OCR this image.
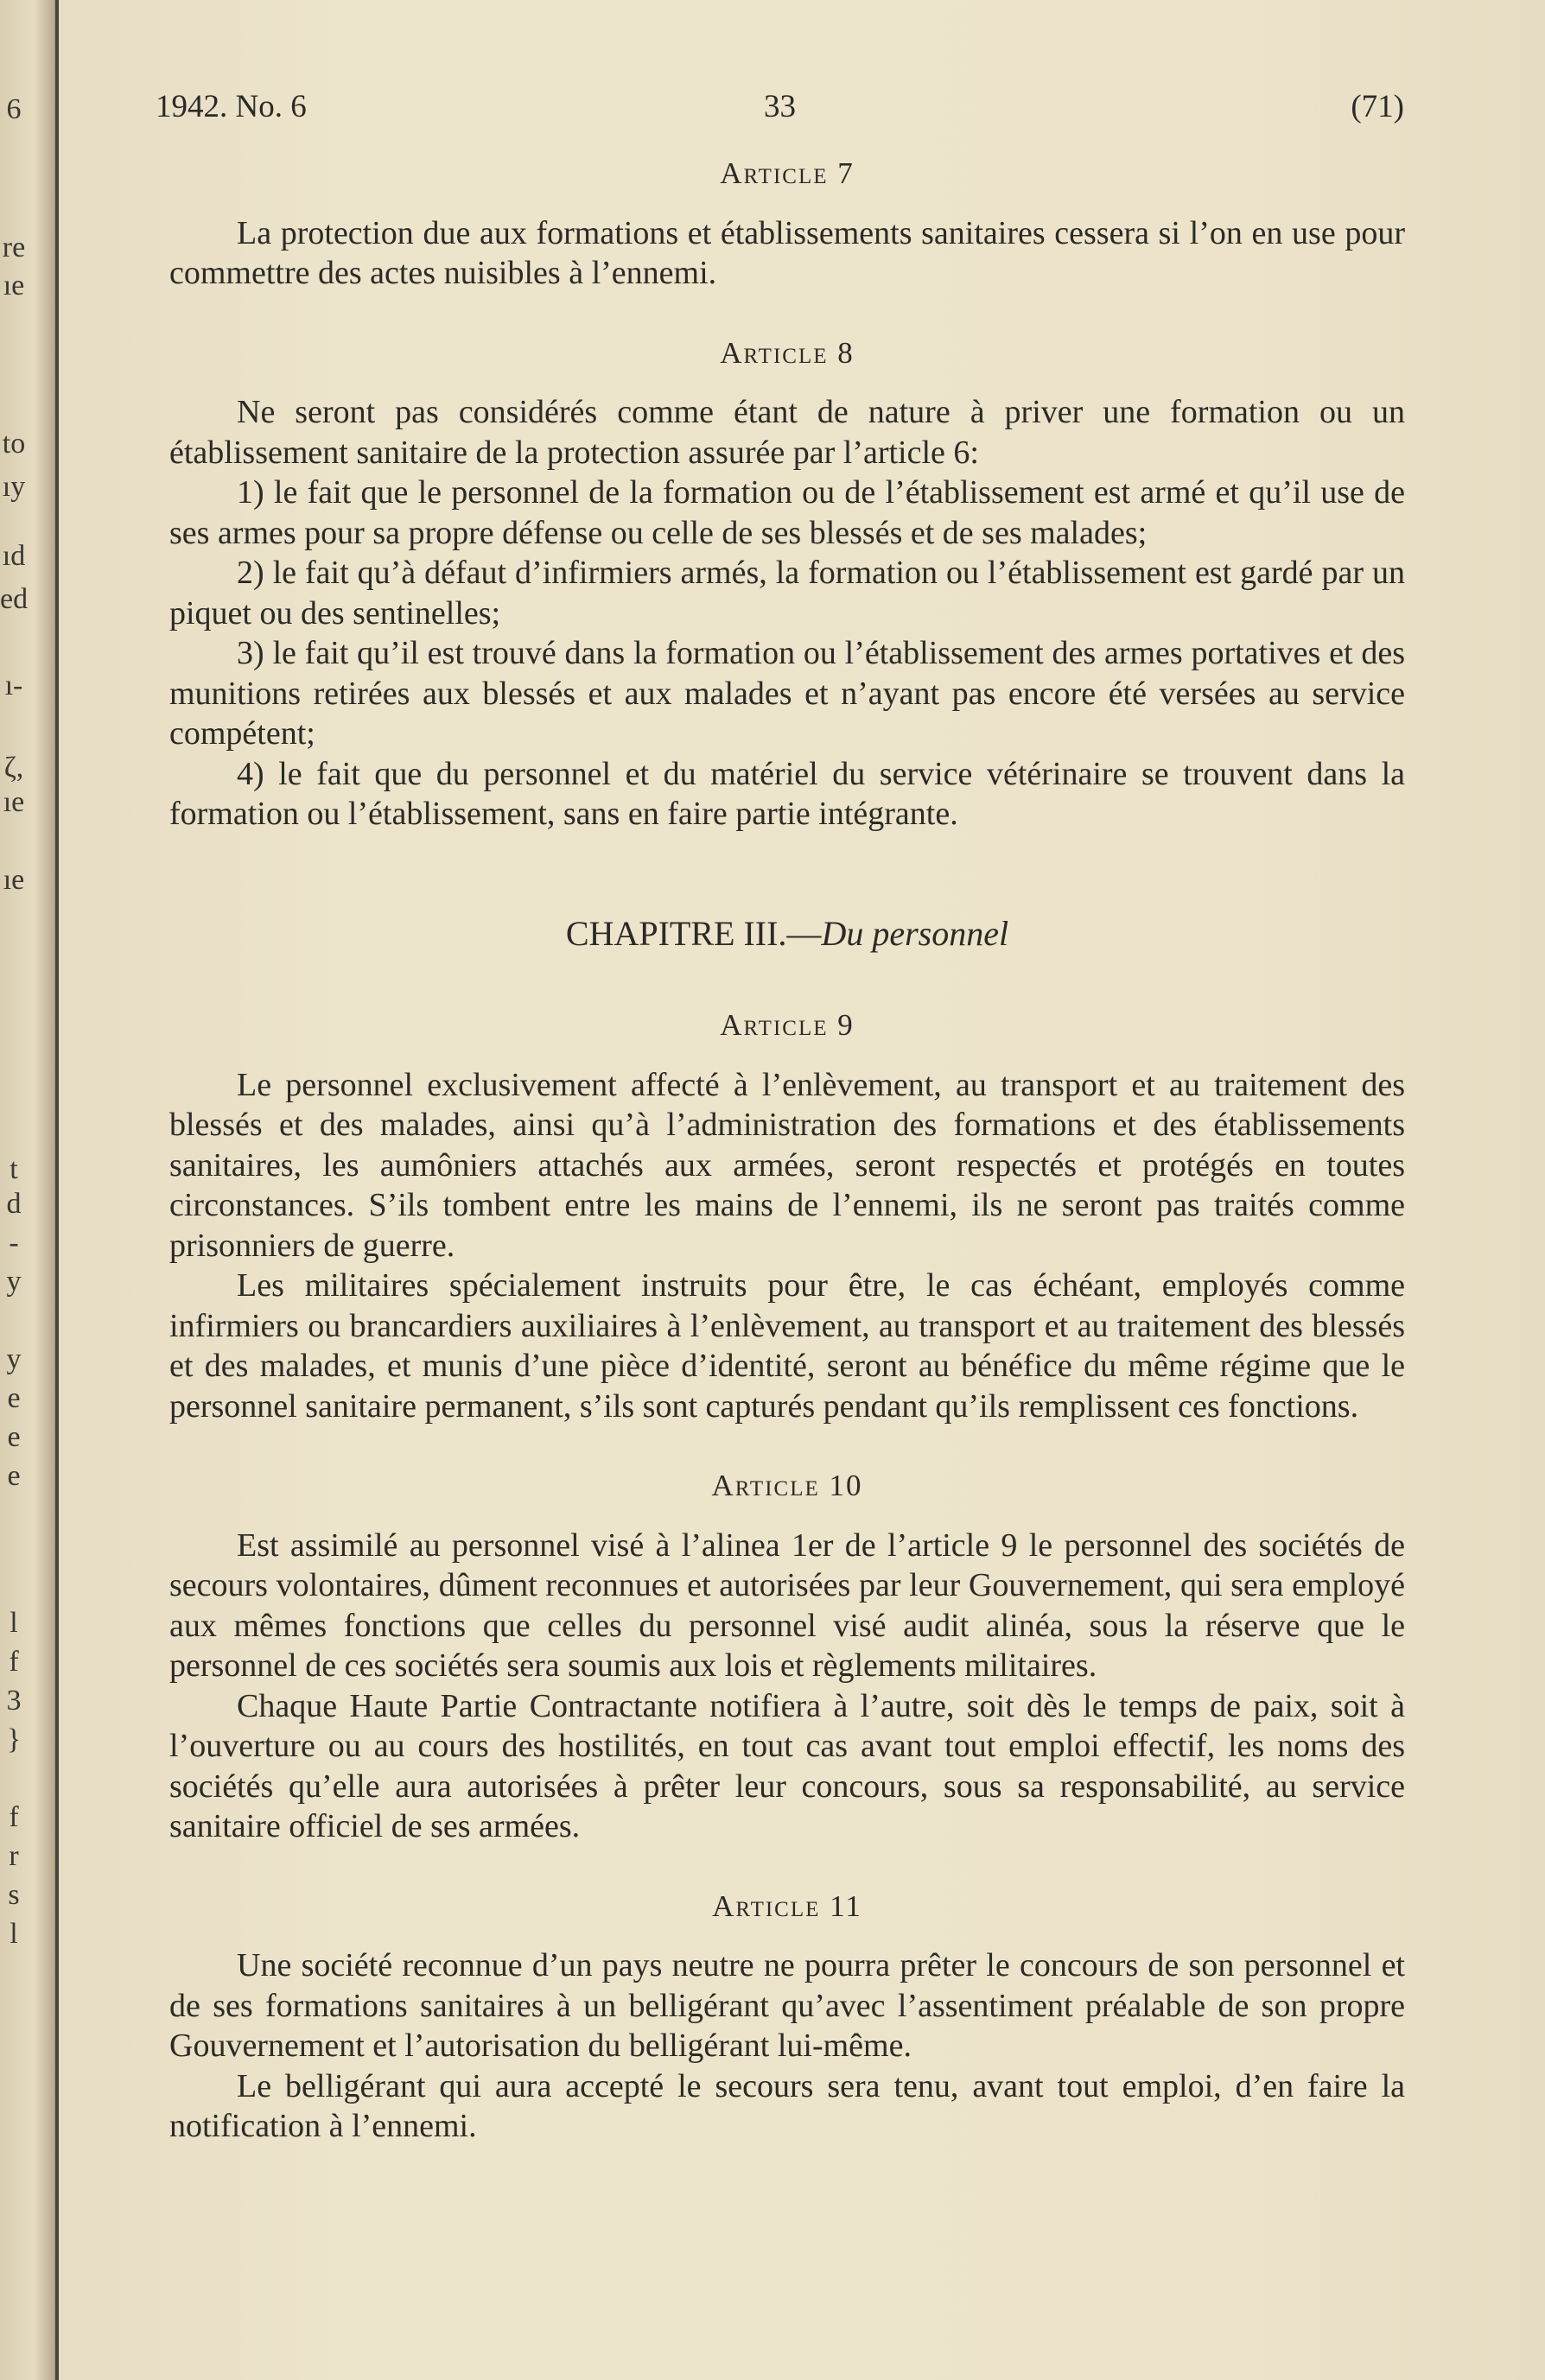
6
re
ıe
to
ıy
ıd
ed
ı-
ζ,
ıe
ıe
t
d
-
y
y
e
e
e
l
f
3
}
f
r
s
l
1942. No. 6	33	(71)
Article 7

La protection due aux formations et établissements sanitaires cessera si l’on en use pour commettre des actes nuisibles à l’ennemi.

Article 8

Ne seront pas considérés comme étant de nature à priver une formation ou un établissement sanitaire de la protection assurée par l’article 6:

1) le fait que le personnel de la formation ou de l’établissement est armé et qu’il use de ses armes pour sa propre défense ou celle de ses blessés et de ses malades;

2) le fait qu’à défaut d’infirmiers armés, la formation ou l’établissement est gardé par un piquet ou des sentinelles;

3) le fait qu’il est trouvé dans la formation ou l’établissement des armes portatives et des munitions retirées aux blessés et aux malades et n’ayant pas encore été versées au service compétent;

4) le fait que du personnel et du matériel du service vétérinaire se trouvent dans la formation ou l’établissement, sans en faire partie intégrante.

CHAPITRE III.—Du personnel
Article 9

Le personnel exclusivement affecté à l’enlèvement, au transport et au traitement des blessés et des malades, ainsi qu’à l’administration des formations et des établissements sanitaires, les aumôniers attachés aux armées, seront respectés et protégés en toutes circonstances. S’ils tombent entre les mains de l’ennemi, ils ne seront pas traités comme prisonniers de guerre.

Les militaires spécialement instruits pour être, le cas échéant, employés comme infirmiers ou brancardiers auxiliaires à l’enlèvement, au transport et au traitement des blessés et des malades, et munis d’une pièce d’identité, seront au bénéfice du même régime que le personnel sanitaire permanent, s’ils sont capturés pendant qu’ils remplissent ces fonctions.

Article 10

Est assimilé au personnel visé à l’alinea 1er de l’article 9 le personnel des sociétés de secours volontaires, dûment reconnues et autorisées par leur Gouvernement, qui sera employé aux mêmes fonctions que celles du personnel visé audit alinéa, sous la réserve que le personnel de ces sociétés sera soumis aux lois et règlements militaires.

Chaque Haute Partie Contractante notifiera à l’autre, soit dès le temps de paix, soit à l’ouverture ou au cours des hostilités, en tout cas avant tout emploi effectif, les noms des sociétés qu’elle aura autorisées à prêter leur concours, sous sa responsabilité, au service sanitaire officiel de ses armées.

Article 11

Une société reconnue d’un pays neutre ne pourra prêter le concours de son personnel et de ses formations sanitaires à un belligérant qu’avec l’assentiment préalable de son propre Gouvernement et l’autorisation du belligérant lui-même.

Le belligérant qui aura accepté le secours sera tenu, avant tout emploi, d’en faire la notification à l’ennemi.
